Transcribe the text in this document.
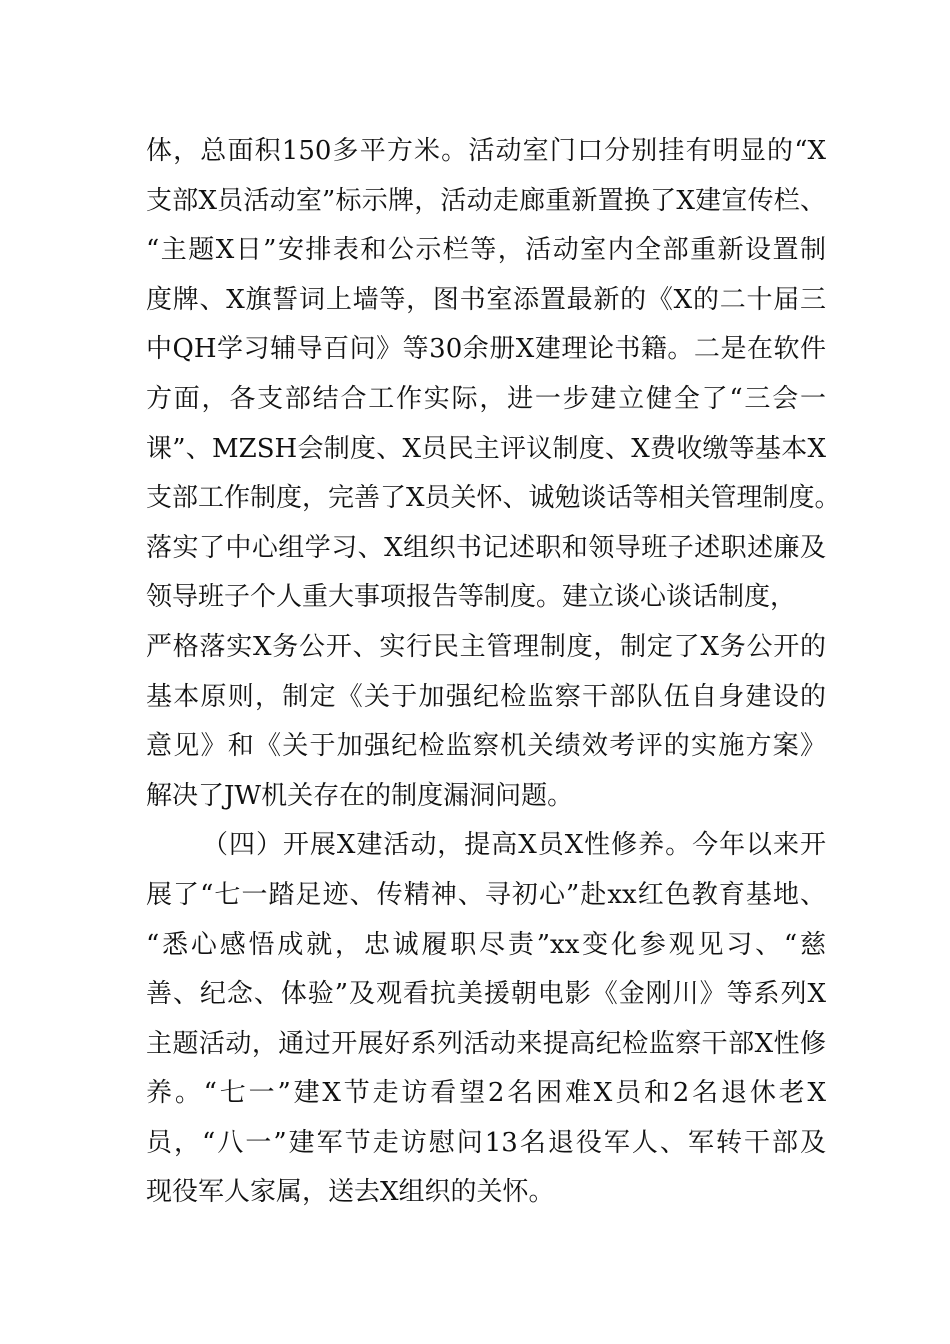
体，总面积150多平方米。活动室门口分别挂有明显的“X
支部X员活动室”标示牌，活动走廊重新置换了X建宣传栏、
“主题X日”安排表和公示栏等，活动室内全部重新设置制
度牌、X旗誓词上墙等，图书室添置最新的《X的二十届三
中QH学习辅导百问》等30余册X建理论书籍。二是在软件
方面，各支部结合工作实际，进一步建立健全了“三会一
课”、MZSH会制度、X员民主评议制度、X费收缴等基本X
支部工作制度，完善了X员关怀、诚勉谈话等相关管理制度。
落实了中心组学习、X组织书记述职和领导班子述职述廉及
领导班子个人重大事项报告等制度。建立谈心谈话制度，
严格落实X务公开、实行民主管理制度，制定了X务公开的
基本原则，制定《关于加强纪检监察干部队伍自身建设的
意见》和《关于加强纪检监察机关绩效考评的实施方案》
解决了JW机关存在的制度漏洞问题。
（四）开展X建活动，提高X员X性修养。今年以来开
展了“七一踏足迹、传精神、寻初心”赴xx红色教育基地、
“悉心感悟成就，忠诚履职尽责”xx变化参观见习、“慈
善、纪念、体验”及观看抗美援朝电影《金刚川》等系列X
主题活动，通过开展好系列活动来提高纪检监察干部X性修
养。“七一”建X节走访看望2名困难X员和2名退休老X
员，“八一”建军节走访慰问13名退役军人、军转干部及
现役军人家属，送去X组织的关怀。
